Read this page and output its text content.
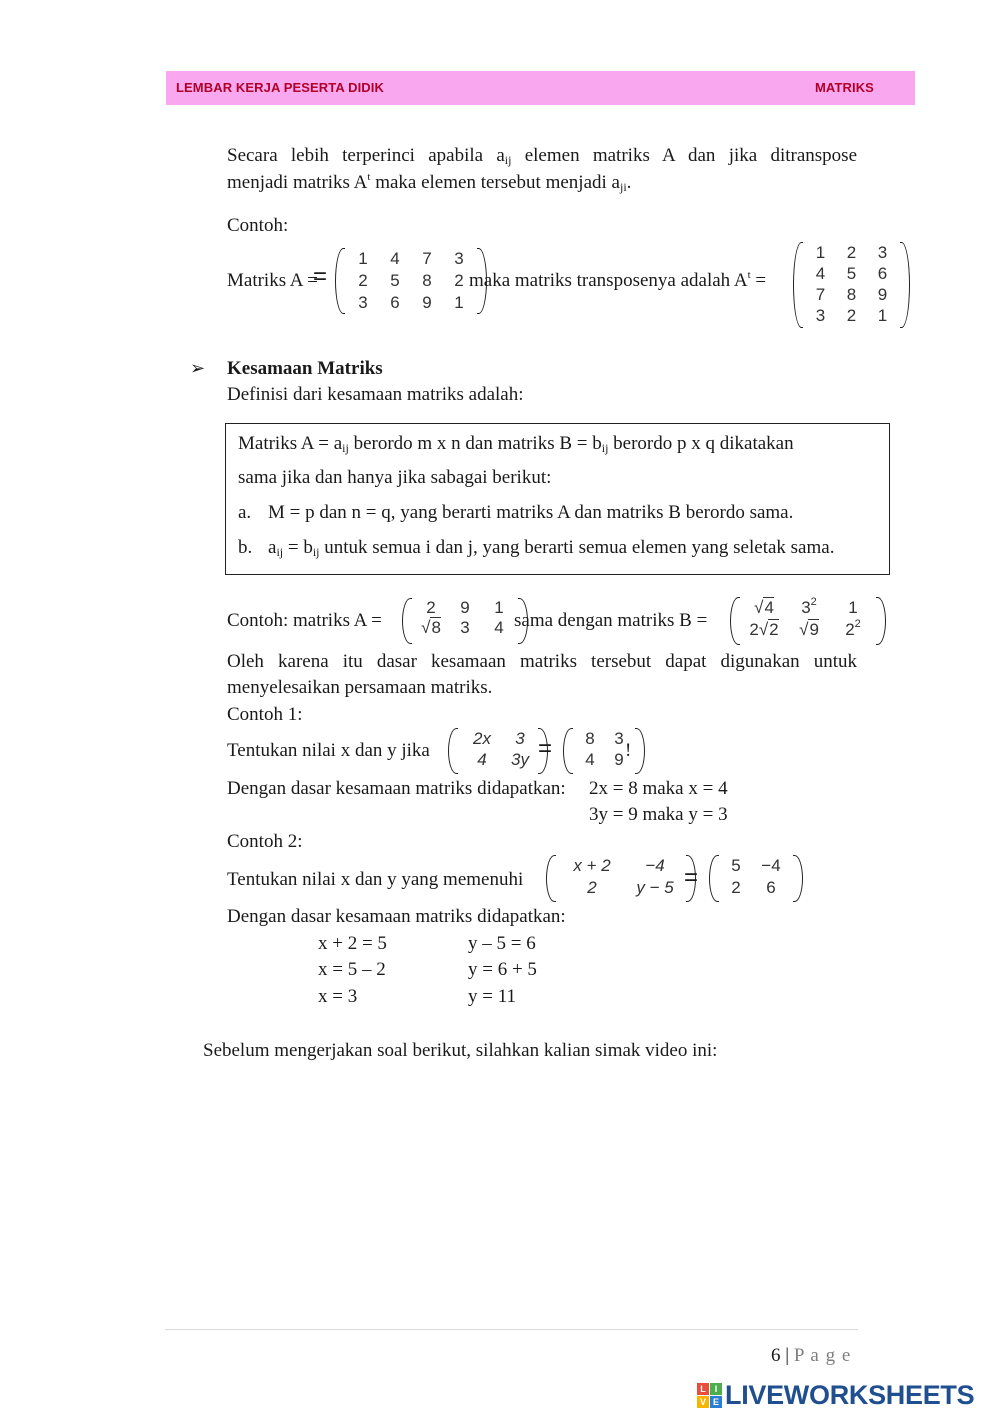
LEMBAR KERJA PESERTA DIDIK	MATRIKS
Secara lebih terperinci apabila $a_{ij}$ elemen matriks A dan jika ditranspose
menjadi matriks $A^t$ maka elemen tersebut menjadi $a_{ji}$.
Contoh:
Matriks A =
=
1 4 7 3
2 5 8 2
3 6 9 1
maka matriks transposenya adalah $A^t$ =
1 2 3
4 5 6
7 8 9
3 2 1
➢ Kesamaan Matriks
Definisi dari kesamaan matriks adalah:
Matriks $A = a_{ij}$ berordo m x n dan matriks $B = b_{ij}$ berordo p x q dikatakan
sama jika dan hanya jika sabagai berikut:
a. M = p dan n = q, yang berarti matriks A dan matriks B berordo sama.
b. $a_{ij} = b_{ij}$ untuk semua i dan j, yang berarti semua elemen yang seletak sama.
Contoh: matriks A =
2 9 1
√8 3 4 sama dengan matriks B =
√4 $3^2$ 1
2√2 √9 $2^2$
Oleh karena itu dasar kesamaan matriks tersebut dapat digunakan untuk
menyelesaikan persamaan matriks.
Contoh 1:
Tentukan nilai x dan y jika
2x 3
4 3y = 8 3
4 9 !
Dengan dasar kesamaan matriks didapatkan: 2x = 8 maka x = 4
3y = 9 maka y = 3
Contoh 2:
Tentukan nilai x dan y yang memenuhi
x + 2 −4
2 y − 5 = 5 −4
2 6
Dengan dasar kesamaan matriks didapatkan:
x + 2 = 5
x = 5 – 2
x = 3
y – 5 = 6
y = 6 + 5
y = 11
Sebelum mengerjakan soal berikut, silahkan kalian simak video ini:
6 | P a g e
L I
V E LIVEWORKSHEETS
